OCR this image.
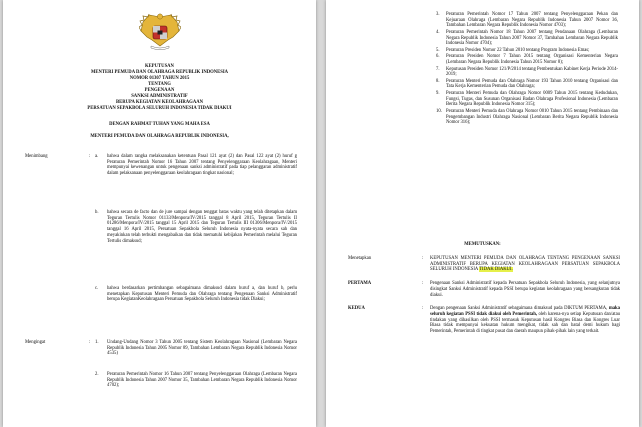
KEPUTUSAN
MENTERI PEMUDA DAN OLAHRAGA REPUBLIK INDONESIA
NOMOR 01307 TAHUN 2015
TENTANG
PENGENAAN
SANKSI ADMINISTRATIF
BERUPA KEGIATAN KEOLAHRAGAAN
PERSATUAN SEPAKBOLA SELURUH INDONESIA TIDAK DIAKUI
DENGAN RAHMAT TUHAN YANG MAHA ESA
MENTERI PEMUDA DAN OLAHRAGA REPUBLIK INDONESIA,
Menimbang	: a.	bahwa dalam rangka melaksanakan ketentuan Pasal 121 ayat (2) dan Pasal 122 ayat (2) huruf g Peraturan Pemerintah Nomor 16 Tahun 2007 tentang Penyelenggaraan Keolahragaan, Menteri mempunyai kewenangan untuk pengenaan sanksi administratif pada tiap pelanggaran administratif dalam pelaksanaan penyelenggaraan keolahragaan tingkat nasional;
b.	bahwa secara de facto dan de jure sampai dengan tenggat batas waktu yang telah ditetapkan dalam Teguran Tertulis Nomor 01133/Menpora/IV/2015 tanggal 8 April 2015, Teguran Tertulis II 01286/Menpora/IV/2015 tanggal 15 April 2015 dan Teguran Tertulis III 01306/Menpora/IV/2015 tanggal 16 April 2015, Persatuan Sepakbola Seluruh Indonesia nyata-nyata secara sah dan meyakinkan telah terbukti mengabaikan dan tidak mematuhi kebijakan Pemerintah melalui Teguran Tertulis dimaksud;
c.	bahwa berdasarkan pertimbangan sebagaimana dimaksud dalam huruf a, dan huruf b, perlu menetapkan Keputusan Menteri Pemuda dan Olahraga tentang Pengenaan Sanksi Administratif berupa KegiatanKeolahragaan Persatuan Sepakbola Seluruh Indonesia tidak Diakui;
Mengingat	: 1.	Undang-Undang Nomor 3 Tahun 2005 tentang Sistem Keolahragaan Nasional (Lembaran Negara Republik Indonesia Tahun 2005 Nomor 89, Tambahan Lembaran Negara Republik Indonesia Nomor 4535)
2.	Peraturan Pemerintah Nomor 16 Tahun 2007 tentang Penyelenggaraan Olahraga (Lembaran Negara Republik Indonesia Tahun 2007 Nomor 35, Tambahan Lembaran Negara Republik Indonesia Nomor 4702);
3.	Peraturan Pemerintah Nomor 17 Tahun 2007 tentang Penyelenggaraan Pekan dan Kejuaraan Olahraga (Lembaran Negara Republik Indonesia Tahun 2007 Nomor 36, Tambahan Lembaran Negara Republik Indonesia Nomor 4703);
4.	Peraturan Pemerintah Nomor 18 Tahun 2007 tentang Pendanaan Olahraga (Lembaran Negara Republik Indonesia Tahun 2007 Nomor 37, Tambahan Lembaran Negara Republik Indonesia Nomor 4704);
5.	Peraturan Presiden Nomor 22 Tahun 2010 tentang Program Indonesia Emas;
6.	Peraturan Presiden Nomor 7 Tahun 2015 tentang Organisasi Kementerian Negara (Lembaran Negara Republik Indonesia Tahun 2015 Nomor 8);
7.	Keputusan Presiden Nomor 121/P/2014 tentang Pembentukan Kabinet Kerja Periode 2014-2019;
8.	Peraturan Menteri Pemuda dan Olahraga Nomor 193 Tahun 2010 tentang Organisasi dan Tata Kerja Kementerian Pemuda dan Olahraga;
9.	Peraturan Menteri Pemuda dan Olahraga Nomor 0009 Tahun 2015 tentang Kedudukan, Fungsi, Tugas, dan Susunan Organisasi Badan Olahraga Profesional Indonesia (Lembaran Berita Negara Republik Indonesia Nomor 315);
10. Peraturan Menteri Pemuda dan Olahraga Nomor 0010 Tahun 2015 tentang Pembinaan dan Pengembangan Industri Olahraga Nasional (Lembaran Berita Negara Republik Indonesia Nomor 316);
MEMUTUSKAN:
Menetapkan	:	KEPUTUSAN MENTERI PEMUDA DAN OLAHRAGA TENTANG PENGENAAN SANKSI ADMINISTRATIF BERUPA KEGIATAN KEOLAHRAGAAN PERSATUAN SEPAKBOLA SELURUH INDONESIA TIDAK DIAKUI.
PERTAMA	:	Pengenaan Sanksi Administratif kepada Persatuan Sepakbola Seluruh Indonesia, yang selanjutnya disingkat Sanksi Administratif kepada PSSI berupa kegiatan keolahragaan yang bersangkutan tidak diakui.
KEDUA	:	Dengan pengenaan Sanksi Administratif sebagaimana dimaksud pada DIKTUM PERTAMA, maka seluruh kegiatan PSSI tidak diakui oleh Pemerintah, oleh karena-nya setiap Keputusan dan/atau tindakan yang dihasilkan oleh PSSI termasuk Keputusan hasil Kongres Biasa dan Kongres Luar Biasa tidak mempunyai kekuatan hukum mengikat, tidak sah dan batal demi hukum bagi Pemerintah, Pemerintah di tingkat pusat dan daerah maupun pihak-pihak lain yang terkait.
